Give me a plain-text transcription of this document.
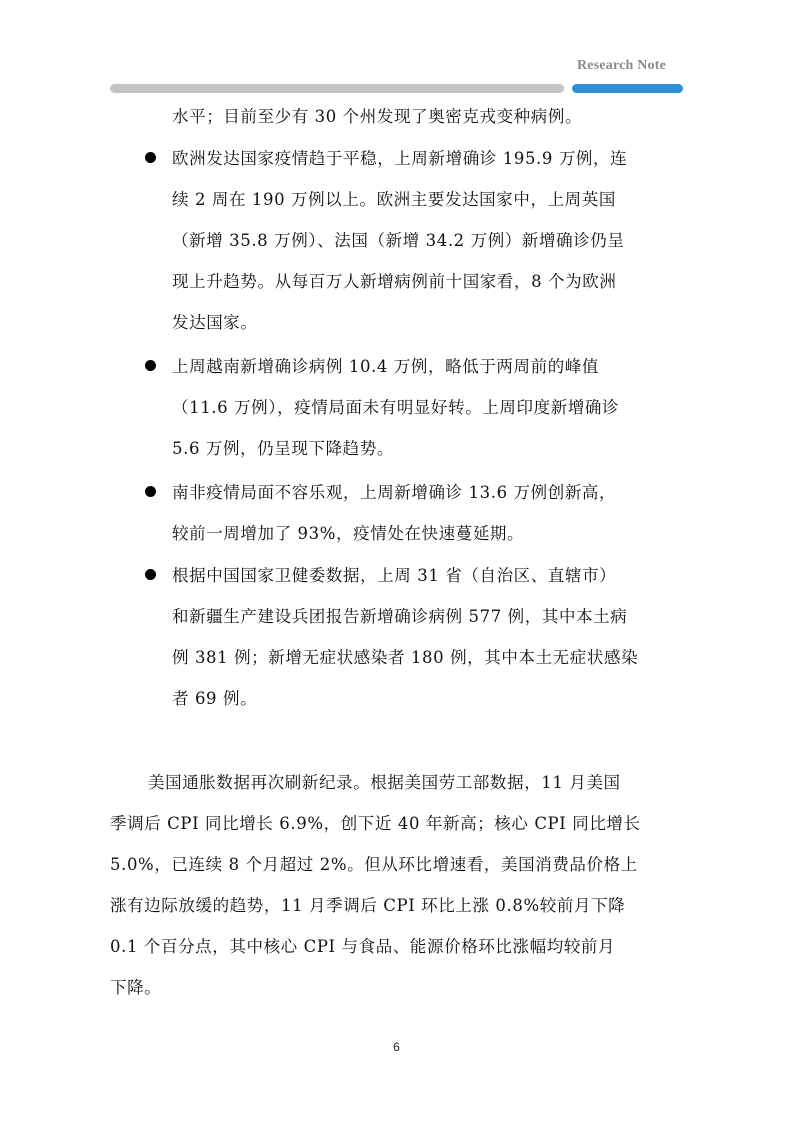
Research Note
水平；目前至少有 30 个州发现了奥密克戎变种病例。
欧洲发达国家疫情趋于平稳，上周新增确诊 195.9 万例，连
续 2 周在 190 万例以上。欧洲主要发达国家中，上周英国
（新增 35.8 万例）、法国（新增 34.2 万例）新增确诊仍呈
现上升趋势。从每百万人新增病例前十国家看，8 个为欧洲
发达国家。
上周越南新增确诊病例 10.4 万例，略低于两周前的峰值
（11.6 万例），疫情局面未有明显好转。上周印度新增确诊
5.6 万例，仍呈现下降趋势。
南非疫情局面不容乐观，上周新增确诊 13.6 万例创新高，
较前一周增加了 93%，疫情处在快速蔓延期。
根据中国国家卫健委数据，上周 31 省（自治区、直辖市）
和新疆生产建设兵团报告新增确诊病例 577 例，其中本土病
例 381 例；新增无症状感染者 180 例，其中本土无症状感染
者 69 例。
美国通胀数据再次刷新纪录。根据美国劳工部数据，11 月美国
季调后 CPI 同比增长 6.9%，创下近 40 年新高；核心 CPI 同比增长
5.0%，已连续 8 个月超过 2%。但从环比增速看，美国消费品价格上
涨有边际放缓的趋势，11 月季调后 CPI 环比上涨 0.8%较前月下降
0.1 个百分点，其中核心 CPI 与食品、能源价格环比涨幅均较前月
下降。
6
